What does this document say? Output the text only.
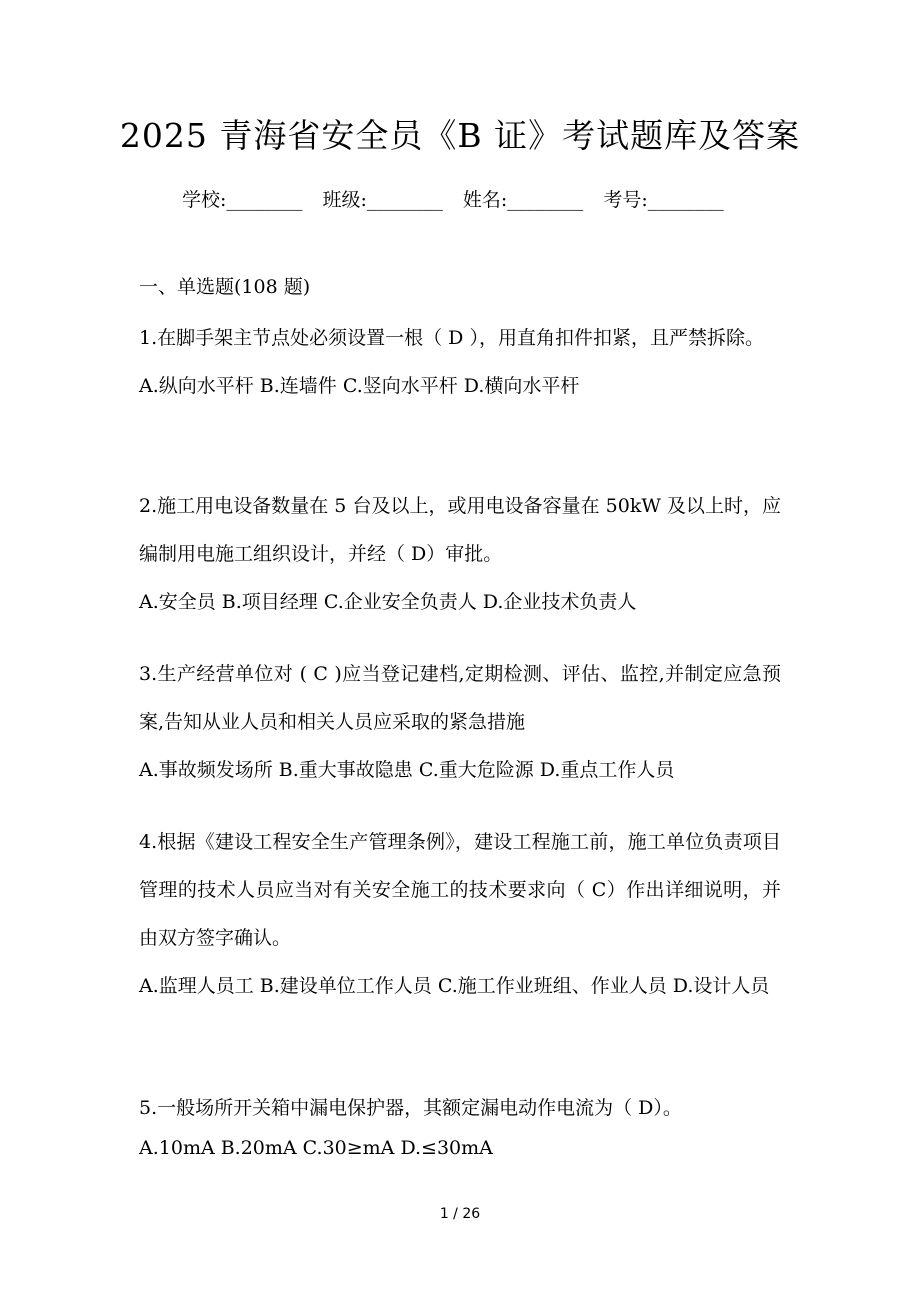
2025 青海省安全员《B 证》考试题库及答案
学校:________ 班级:________ 姓名:________ 考号:________
一、单选题(108 题)
1.在脚手架主节点处必须设置一根（ D ），用直角扣件扣紧，且严禁拆除。
A.纵向水平杆 B.连墙件 C.竖向水平杆 D.横向水平杆
2.施工用电设备数量在 5 台及以上，或用电设备容量在 50kW 及以上时，应编制用电施工组织设计，并经（ D）审批。
A.安全员 B.项目经理 C.企业安全负责人 D.企业技术负责人
3.生产经营单位对 ( C )应当登记建档,定期检测、评估、监控,并制定应急预案,告知从业人员和相关人员应采取的紧急措施
A.事故频发场所 B.重大事故隐患 C.重大危险源 D.重点工作人员
4.根据《建设工程安全生产管理条例》，建设工程施工前，施工单位负责项目管理的技术人员应当对有关安全施工的技术要求向（ C）作出详细说明，并由双方签字确认。
A.监理人员工 B.建设单位工作人员 C.施工作业班组、作业人员 D.设计人员
5.一般场所开关箱中漏电保护器，其额定漏电动作电流为（ D）。
A.10mA B.20mA C.30≥mA D.≤30mA
1 / 26
